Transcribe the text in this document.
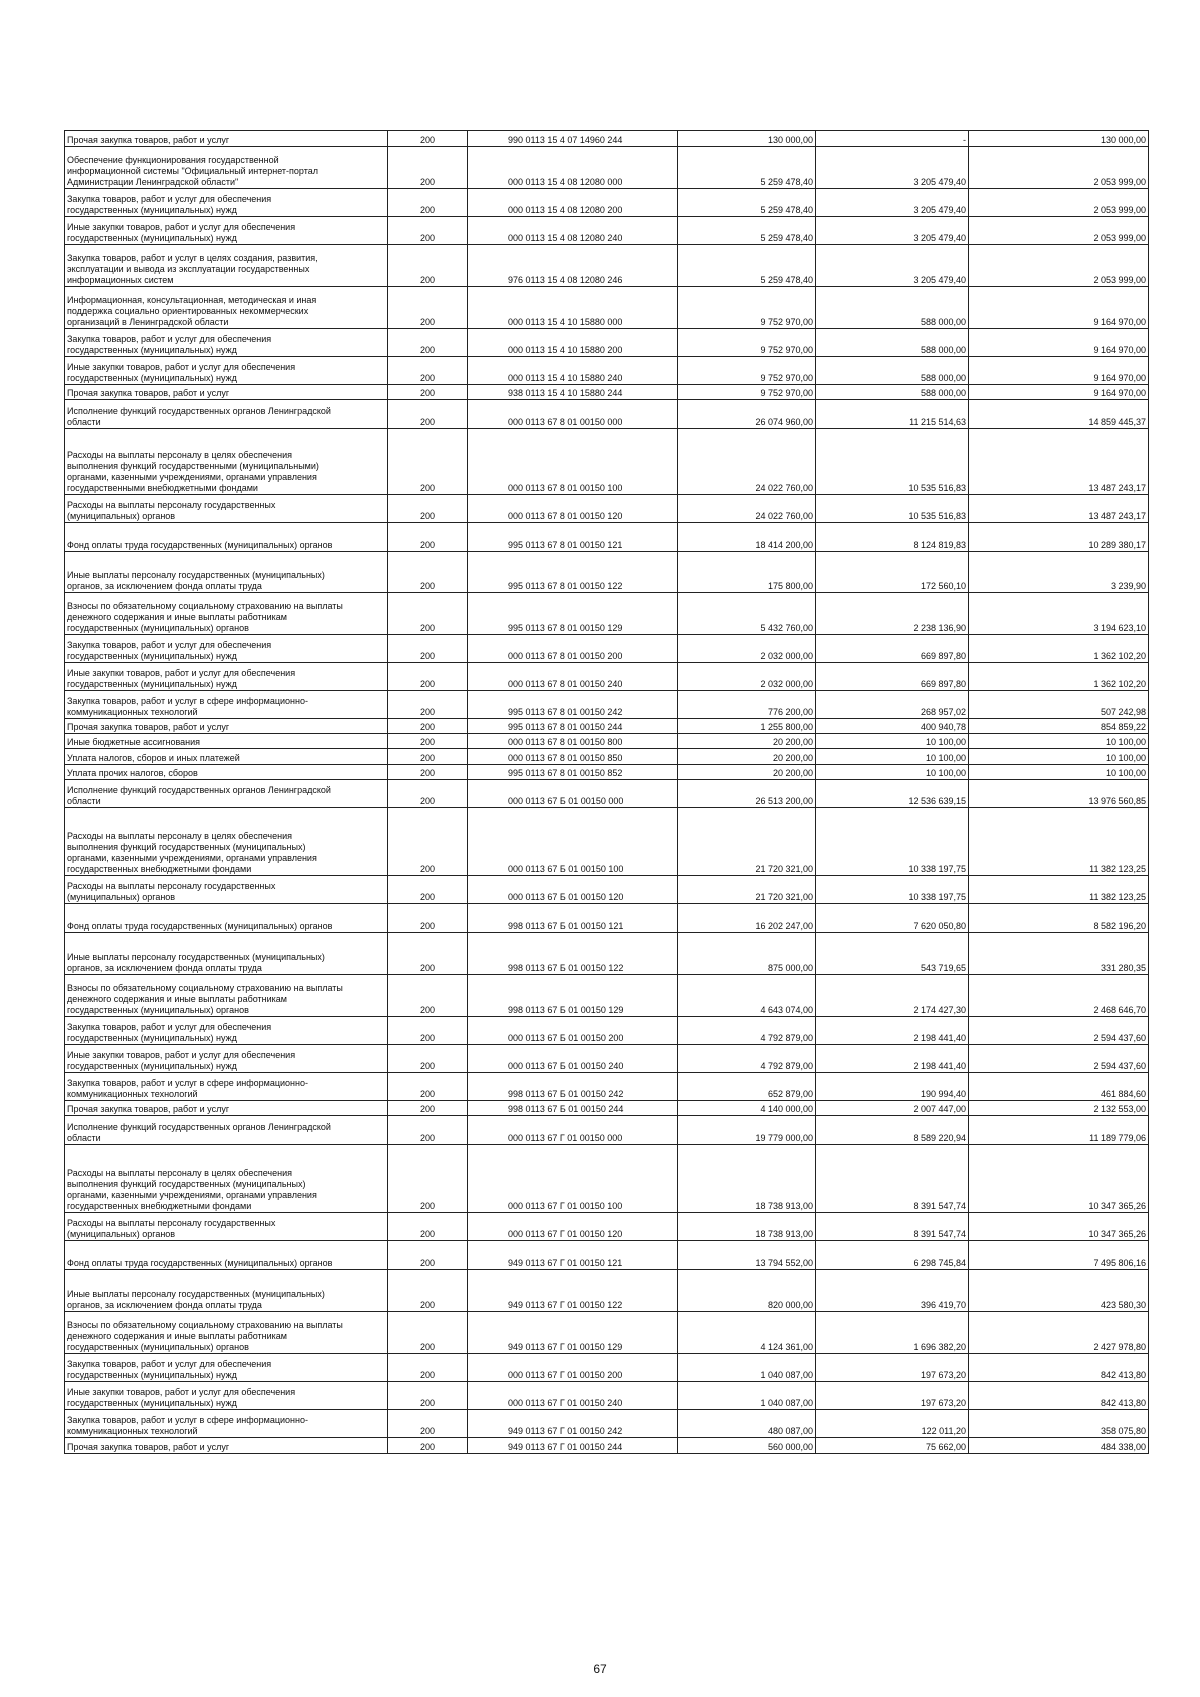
Прочая закупка товаров, работ и услуг	200	990 0113 15 4 07 14960 244	130 000,00	-	130 000,00
Обеспечение функционирования государственной
информационной системы "Официальный интернет-портал
Администрации Ленинградской области"	200	000 0113 15 4 08 12080 000	5 259 478,40	3 205 479,40	2 053 999,00
Закупка товаров, работ и услуг для обеспечения
государственных (муниципальных) нужд	200	000 0113 15 4 08 12080 200	5 259 478,40	3 205 479,40	2 053 999,00
Иные закупки товаров, работ и услуг для обеспечения
государственных (муниципальных) нужд	200	000 0113 15 4 08 12080 240	5 259 478,40	3 205 479,40	2 053 999,00
Закупка товаров, работ и услуг в целях создания, развития,
эксплуатации и вывода из эксплуатации государственных
информационных систем	200	976 0113 15 4 08 12080 246	5 259 478,40	3 205 479,40	2 053 999,00
Информационная, консультационная, методическая и иная
поддержка социально ориентированных некоммерческих
организаций в Ленинградской области	200	000 0113 15 4 10 15880 000	9 752 970,00	588 000,00	9 164 970,00
Закупка товаров, работ и услуг для обеспечения
государственных (муниципальных) нужд	200	000 0113 15 4 10 15880 200	9 752 970,00	588 000,00	9 164 970,00
Иные закупки товаров, работ и услуг для обеспечения
государственных (муниципальных) нужд	200	000 0113 15 4 10 15880 240	9 752 970,00	588 000,00	9 164 970,00
Прочая закупка товаров, работ и услуг	200	938 0113 15 4 10 15880 244	9 752 970,00	588 000,00	9 164 970,00
Исполнение функций государственных органов Ленинградской
области	200	000 0113 67 8 01 00150 000	26 074 960,00	11 215 514,63	14 859 445,37
Расходы на выплаты персоналу в целях обеспечения
выполнения функций государственными (муниципальными)
органами, казенными учреждениями, органами управления
государственными внебюджетными фондами	200	000 0113 67 8 01 00150 100	24 022 760,00	10 535 516,83	13 487 243,17
Расходы на выплаты персоналу государственных
(муниципальных) органов	200	000 0113 67 8 01 00150 120	24 022 760,00	10 535 516,83	13 487 243,17
Фонд оплаты труда государственных (муниципальных) органов	200	995 0113 67 8 01 00150 121	18 414 200,00	8 124 819,83	10 289 380,17
Иные выплаты персоналу государственных (муниципальных)
органов, за исключением фонда оплаты труда	200	995 0113 67 8 01 00150 122	175 800,00	172 560,10	3 239,90
Взносы по обязательному социальному страхованию на выплаты
денежного содержания и иные выплаты работникам
государственных (муниципальных) органов	200	995 0113 67 8 01 00150 129	5 432 760,00	2 238 136,90	3 194 623,10
Закупка товаров, работ и услуг для обеспечения
государственных (муниципальных) нужд	200	000 0113 67 8 01 00150 200	2 032 000,00	669 897,80	1 362 102,20
Иные закупки товаров, работ и услуг для обеспечения
государственных (муниципальных) нужд	200	000 0113 67 8 01 00150 240	2 032 000,00	669 897,80	1 362 102,20
Закупка товаров, работ и услуг в сфере информационно-
коммуникационных технологий	200	995 0113 67 8 01 00150 242	776 200,00	268 957,02	507 242,98
Прочая закупка товаров, работ и услуг	200	995 0113 67 8 01 00150 244	1 255 800,00	400 940,78	854 859,22
Иные бюджетные ассигнования	200	000 0113 67 8 01 00150 800	20 200,00	10 100,00	10 100,00
Уплата налогов, сборов и иных платежей	200	000 0113 67 8 01 00150 850	20 200,00	10 100,00	10 100,00
Уплата прочих налогов, сборов	200	995 0113 67 8 01 00150 852	20 200,00	10 100,00	10 100,00
Исполнение функций государственных органов Ленинградской
области	200	000 0113 67 Б 01 00150 000	26 513 200,00	12 536 639,15	13 976 560,85
Расходы на выплаты персоналу в целях обеспечения
выполнения функций государственных (муниципальных)
органами, казенными учреждениями, органами управления
государственных внебюджетными фондами	200	000 0113 67 Б 01 00150 100	21 720 321,00	10 338 197,75	11 382 123,25
Расходы на выплаты персоналу государственных
(муниципальных) органов	200	000 0113 67 Б 01 00150 120	21 720 321,00	10 338 197,75	11 382 123,25
Фонд оплаты труда государственных (муниципальных) органов	200	998 0113 67 Б 01 00150 121	16 202 247,00	7 620 050,80	8 582 196,20
Иные выплаты персоналу государственных (муниципальных)
органов, за исключением фонда оплаты труда	200	998 0113 67 Б 01 00150 122	875 000,00	543 719,65	331 280,35
Взносы по обязательному социальному страхованию на выплаты
денежного содержания и иные выплаты работникам
государственных (муниципальных) органов	200	998 0113 67 Б 01 00150 129	4 643 074,00	2 174 427,30	2 468 646,70
Закупка товаров, работ и услуг для обеспечения
государственных (муниципальных) нужд	200	000 0113 67 Б 01 00150 200	4 792 879,00	2 198 441,40	2 594 437,60
Иные закупки товаров, работ и услуг для обеспечения
государственных (муниципальных) нужд	200	000 0113 67 Б 01 00150 240	4 792 879,00	2 198 441,40	2 594 437,60
Закупка товаров, работ и услуг в сфере информационно-
коммуникационных технологий	200	998 0113 67 Б 01 00150 242	652 879,00	190 994,40	461 884,60
Прочая закупка товаров, работ и услуг	200	998 0113 67 Б 01 00150 244	4 140 000,00	2 007 447,00	2 132 553,00
Исполнение функций государственных органов Ленинградской
области	200	000 0113 67 Г 01 00150 000	19 779 000,00	8 589 220,94	11 189 779,06
Расходы на выплаты персоналу в целях обеспечения
выполнения функций государственных (муниципальных)
органами, казенными учреждениями, органами управления
государственных внебюджетными фондами	200	000 0113 67 Г 01 00150 100	18 738 913,00	8 391 547,74	10 347 365,26
Расходы на выплаты персоналу государственных
(муниципальных) органов	200	000 0113 67 Г 01 00150 120	18 738 913,00	8 391 547,74	10 347 365,26
Фонд оплаты труда государственных (муниципальных) органов	200	949 0113 67 Г 01 00150 121	13 794 552,00	6 298 745,84	7 495 806,16
Иные выплаты персоналу государственных (муниципальных)
органов, за исключением фонда оплаты труда	200	949 0113 67 Г 01 00150 122	820 000,00	396 419,70	423 580,30
Взносы по обязательному социальному страхованию на выплаты
денежного содержания и иные выплаты работникам
государственных (муниципальных) органов	200	949 0113 67 Г 01 00150 129	4 124 361,00	1 696 382,20	2 427 978,80
Закупка товаров, работ и услуг для обеспечения
государственных (муниципальных) нужд	200	000 0113 67 Г 01 00150 200	1 040 087,00	197 673,20	842 413,80
Иные закупки товаров, работ и услуг для обеспечения
государственных (муниципальных) нужд	200	000 0113 67 Г 01 00150 240	1 040 087,00	197 673,20	842 413,80
Закупка товаров, работ и услуг в сфере информационно-
коммуникационных технологий	200	949 0113 67 Г 01 00150 242	480 087,00	122 011,20	358 075,80
Прочая закупка товаров, работ и услуг	200	949 0113 67 Г 01 00150 244	560 000,00	75 662,00	484 338,00
67
